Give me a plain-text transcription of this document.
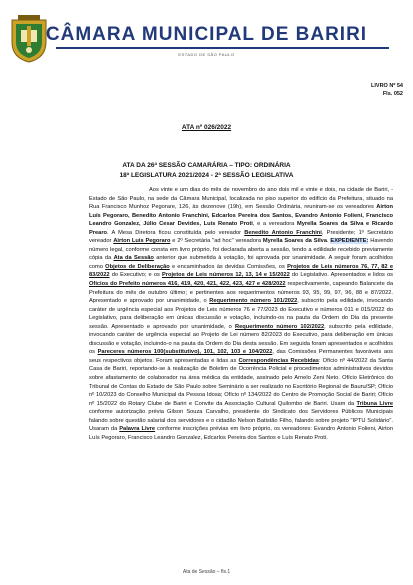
CÂMARA MUNICIPAL DE BARIRI
ESTADO DE SÃO PAULO
LIVRO Nº 54
Fls. 052
ATA nº 026/2022
ATA DA 26ª SESSÃO CAMARÁRIA – TIPO: ORDINÁRIA
18ª LEGISLATURA 2021/2024 - 2ª SESSÃO LEGISLATIVA

Aos vinte e um dias do mês de novembro do ano dois mil e vinte e dois, na cidade de Bariri, - Estado de São Paulo, na sede da Câmara Municipal, localizada no piso superior do edifício da Prefeitura, situado na Rua Francisco Munhoz Pegorare, 126, às dezenove (19h), em Sessão Ordinária, reuniram-se os vereadores Airton Luís Pegoraro, Benedito Antonio Franchini, Edcarlos Pereira dos Santos, Evandro Antonio Folieni, Francisco Leandro Gonzalez, Júlio Cesar Devides, Luís Renato Proti, e a vereadora Myrella Soares da Silva e Ricardo Prearo. A Mesa Diretora ficou constituída pelo vereador Benedito Antonio Franchini, Presidente; 1º Secretário vereador Airton Luis Pegoraro e 2º Secretária "ad hoc" vereadora Myrella Soares da Silva. EXPEDIENTE: Havendo número legal, conforme consta em livro próprio, foi declarada aberta a sessão, tendo a edilidade recebido previamente cópia da Ata da Sessão anterior que submetida à votação, foi aprovada por unanimidade. A seguir foram acolhidos como Objetos de Deliberação e encaminhados às devidas Comissões, os Projetos de Leis números 76, 77, 82 e 83/2022 do Executivo; e os Projetos de Leis números 12, 13, 14 e 15/2022 do Legislativo. Apresentados e lidos os Ofícios do Prefeito números 416, 419, 420, 421, 422, 423, 427 e 428/2022 respectivamente, capeando Balancete da Prefeitura do mês de outubro último; e pertinentes aos requerimentos números 93, 95, 99, 97, 96, 88 e 87/2022. Apresentado e aprovado por unanimidade, o Requerimento número 101/2022, subscrito pela edilidade, invocando caráter de urgência especial aos Projetos de Leis números 76 e 77/2023 do Executivo e números 011 e 015/2022 do Legislativo, para deliberação em únicas discussão e votação, incluindo-os na pauta da Ordem do Dia da presente sessão. Apresentado e aprovado por unanimidade, o Requerimento número 102/2022, subscrito pela edilidade, invocando caráter de urgência especial ao Projeto de Lei número 82/2023 do Executivo, para deliberação em únicas discussão e votação, incluindo-o na pauta da Ordem do Dia desta sessão. Em seguida foram apresentados e acolhidos os Pareceres números 100(substitutivo), 101, 102, 103 e 104/2022, das Comissões Permanentes favoráveis aos seus respectivos objetos. Foram apresentadas e lidas as Correspondências Recebidas: Ofício nº 44/2022 da Santa Casa de Bariri, reportando-se à realização de Boletim de Ocorrência Policial e procedimentos administrativos devidos sobre afastamento de colaborador na área médica da entidade, assinado pelo Arnelo Zeni Neto. Ofício Eletrônico do Tribunal de Contas do Estado de São Paulo sobre Seminário a ser realizado no Escritório Regional de Bauru/SP; Ofício nº 10/2023 do Conselho Municipal da Pessoa Idosa; Ofício nº 134/2022 do Centro de Promoção Social de Bariri; Ofício nº 15/2022 do Rotary Clube de Bariri e Convite da Associação Cultural Quilombo de Bariri. Usam da Tribuna Livre conforme autorização prévia Gilson Souza Carvalho, presidente do Sindicato dos Servidores Públicos Municipais falando sobre questão salarial dos servidores e o cidadão Nelson Batistão Filho, falando sobre projeto "IPTU Solidário". Usaram da Palavra Livre conforme inscrições prévias em livro próprio, os vereadores: Evandro Antonio Folieni, Airton Luís Pegoraro, Francisco Leandro Gonzalez, Edcarlos Pereira dos Santos e Luís Renato Proti.

Ata de Sessão – fls.1
